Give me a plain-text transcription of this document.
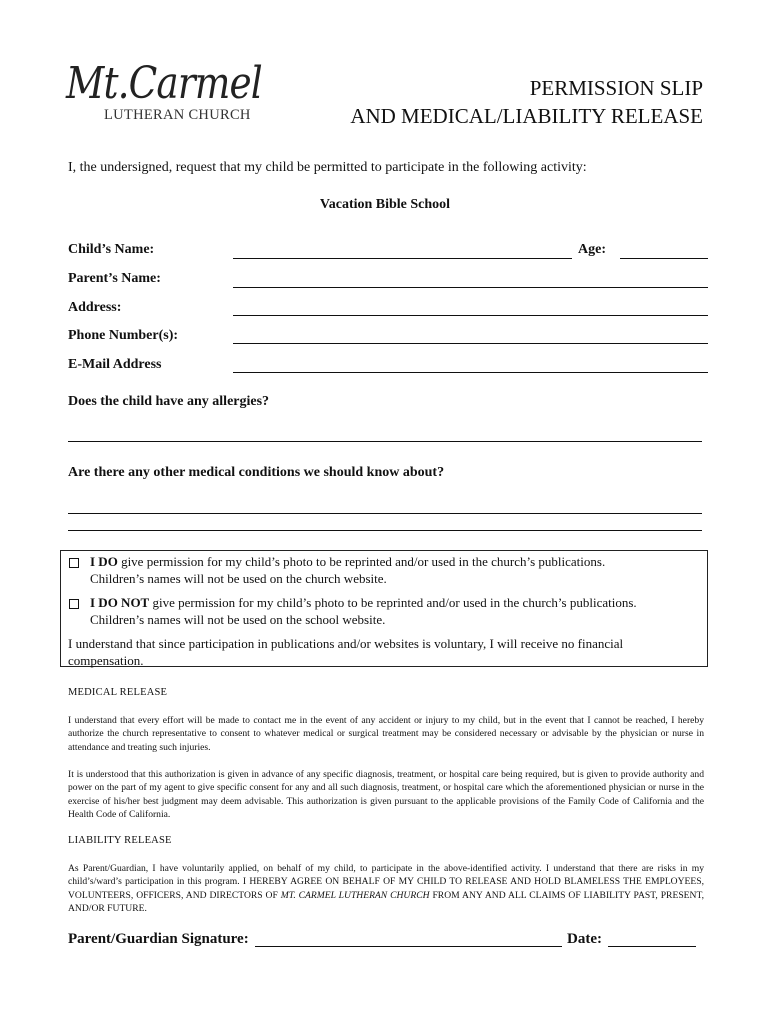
Mt.Carmel
LUTHERAN CHURCH
PERMISSION SLIP
AND MEDICAL/LIABILITY RELEASE
I, the undersigned, request that my child be permitted to participate in the following activity:
Vacation Bible School
Child’s Name:	Age:
Parent’s Name:
Address:
Phone Number(s):
E-Mail Address
Does the child have any allergies?
Are there any other medical conditions we should know about?
I DO give permission for my child’s photo to be reprinted and/or used in the church’s publications.
Children’s names will not be used on the church website.
I DO NOT give permission for my child’s photo to be reprinted and/or used in the church’s publications.
Children’s names will not be used on the school website.
I understand that since participation in publications and/or websites is voluntary, I will receive no financial
compensation.
MEDICAL RELEASE
I understand that every effort will be made to contact me in the event of any accident or injury to my child, but in the event that I cannot be reached, I hereby authorize the church representative to consent to whatever medical or surgical treatment may be considered necessary or advisable by the physician or nurse in attendance and treating such injuries.
It is understood that this authorization is given in advance of any specific diagnosis, treatment, or hospital care being required, but is given to provide authority and power on the part of my agent to give specific consent for any and all such diagnosis, treatment, or hospital care which the aforementioned physician or nurse in the exercise of his/her best judgment may deem advisable. This authorization is given pursuant to the applicable provisions of the Family Code of California and the Health Code of California.
LIABILITY RELEASE
As Parent/Guardian, I have voluntarily applied, on behalf of my child, to participate in the above-identified activity. I understand that there are risks in my child’s/ward’s participation in this program. I HEREBY AGREE ON BEHALF OF MY CHILD TO RELEASE AND HOLD BLAMELESS THE EMPLOYEES, VOLUNTEERS, OFFICERS, AND DIRECTORS OF MT. CARMEL LUTHERAN CHURCH FROM ANY AND ALL CLAIMS OF LIABILITY PAST, PRESENT, AND/OR FUTURE.
Parent/Guardian Signature:	Date:
